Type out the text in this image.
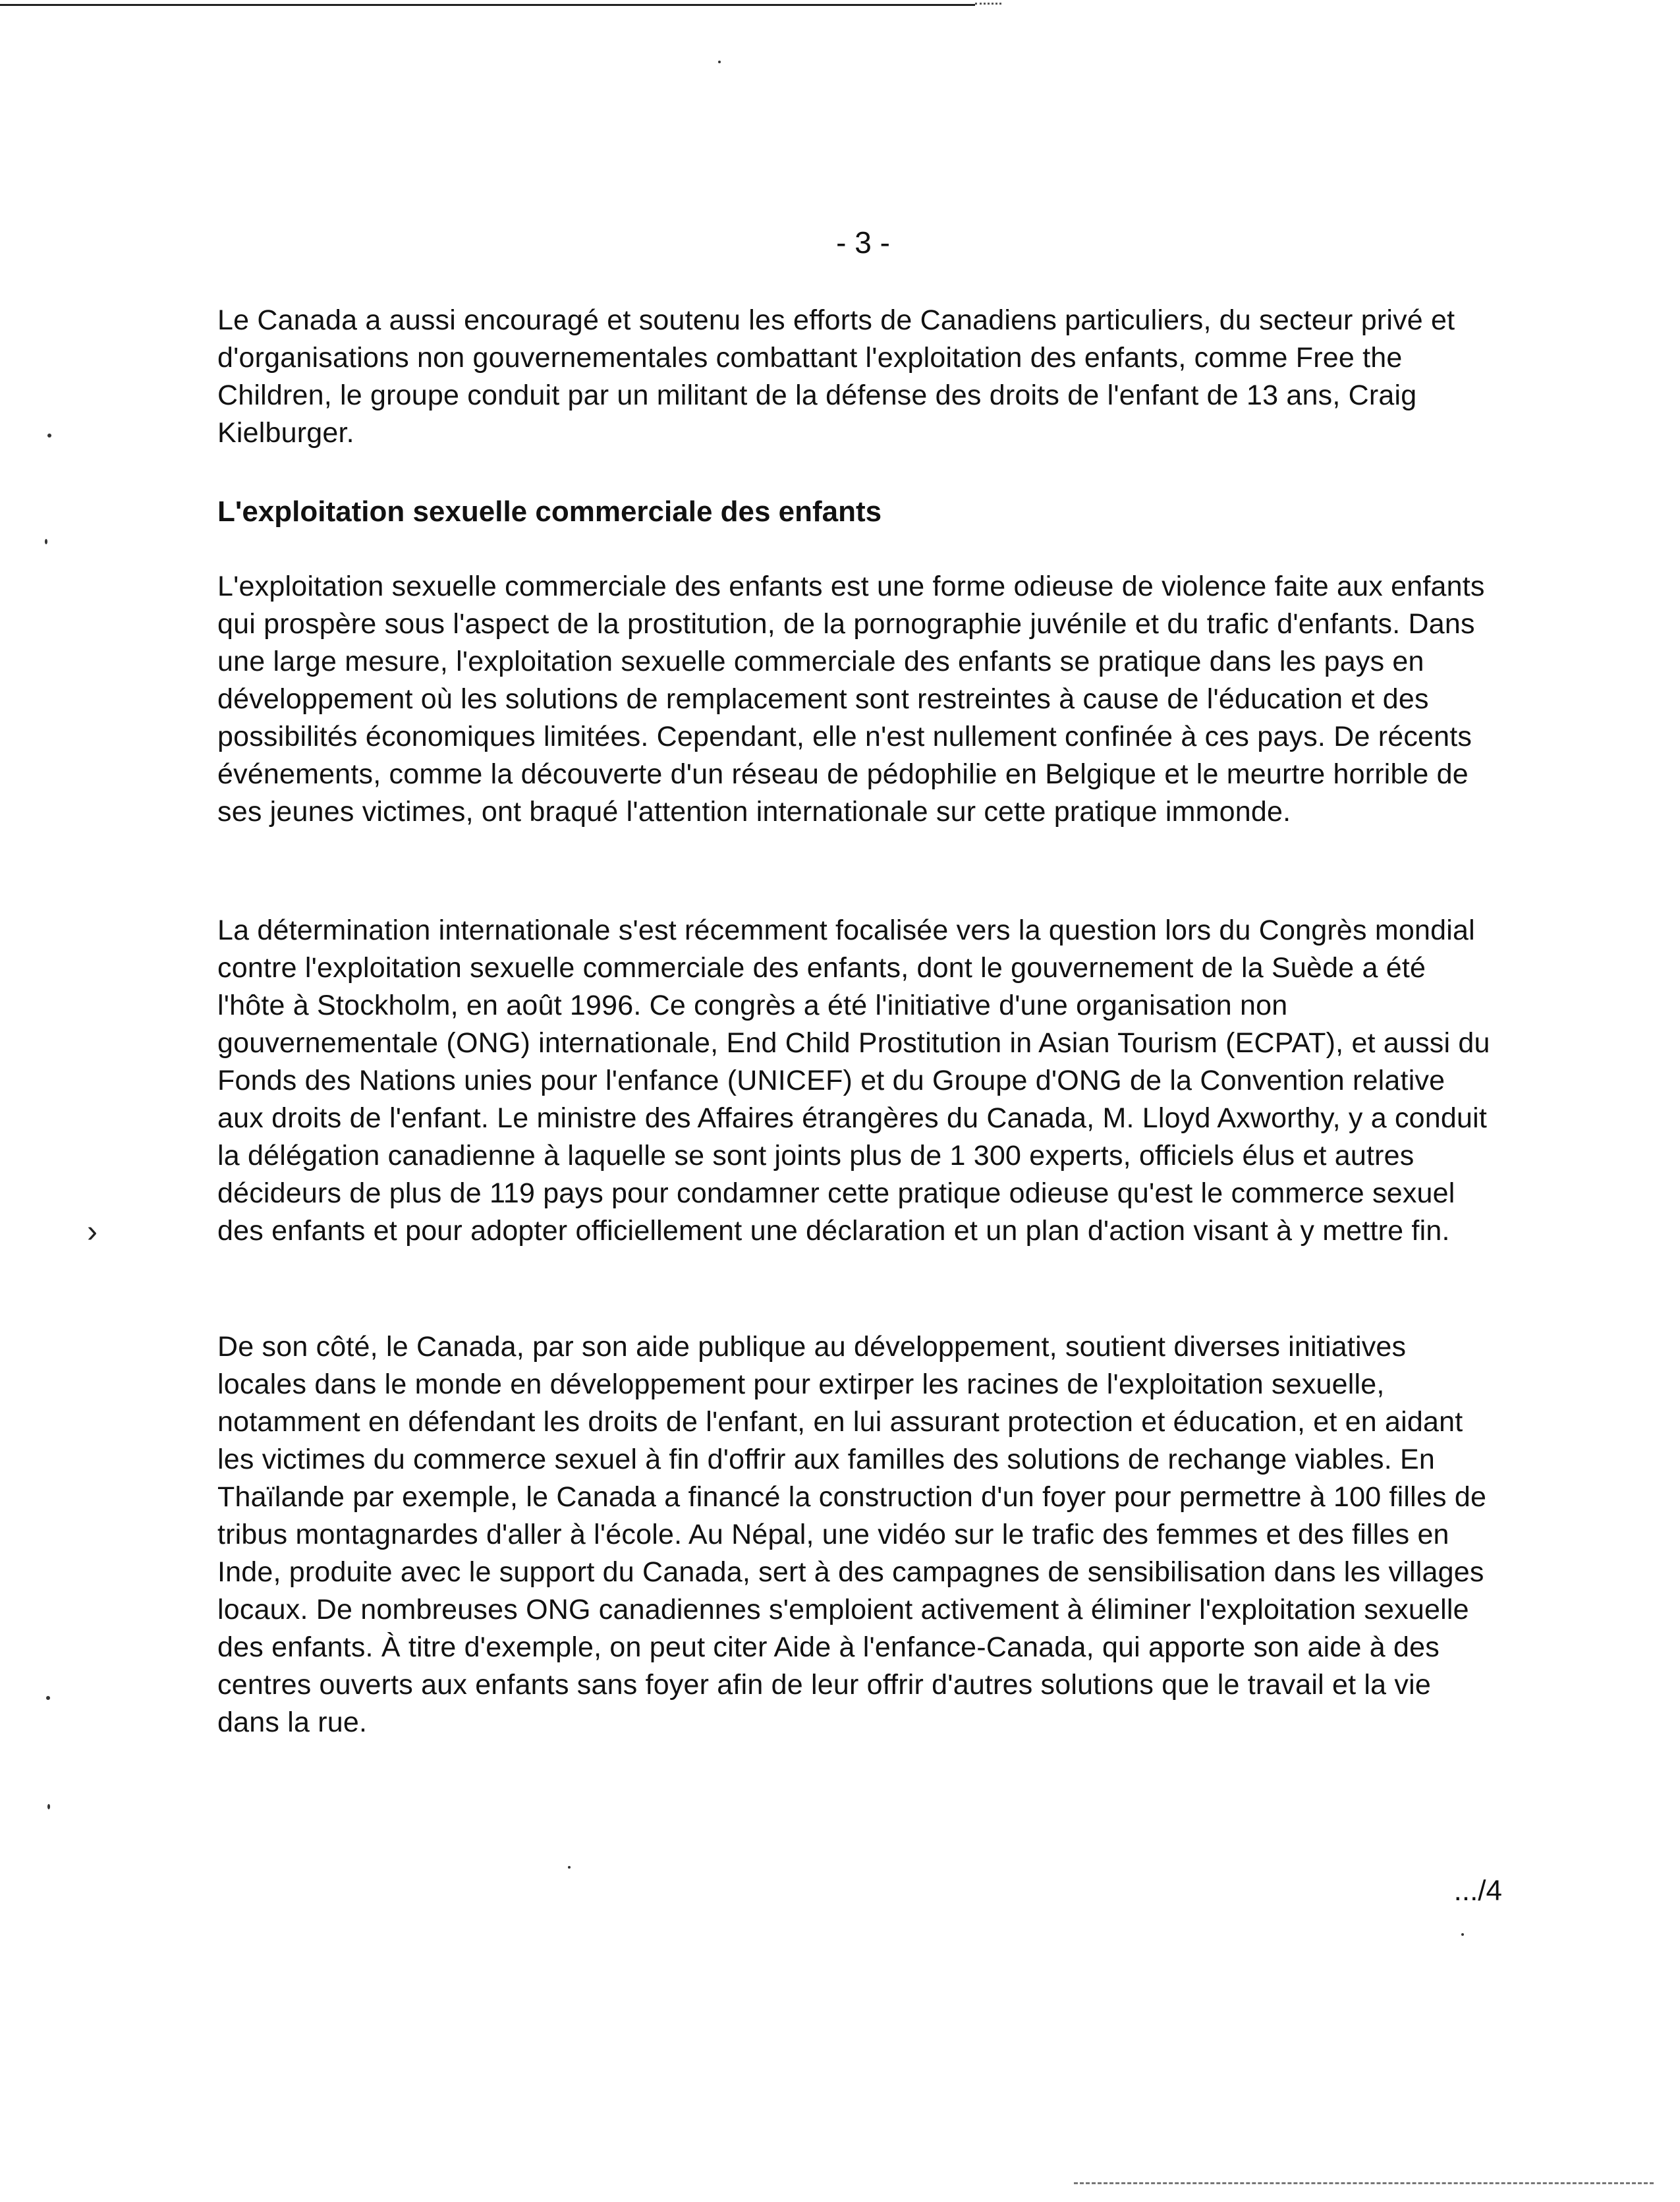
›

- 3 -

Le Canada a aussi encouragé et soutenu les efforts de Canadiens particuliers, du secteur privé et d'organisations non gouvernementales combattant l'exploitation des enfants, comme Free the Children, le groupe conduit par un militant de la défense des droits de l'enfant de 13 ans, Craig Kielburger.

L'exploitation sexuelle commerciale des enfants

L'exploitation sexuelle commerciale des enfants est une forme odieuse de violence faite aux enfants qui prospère sous l'aspect de la prostitution, de la pornographie juvénile et du trafic d'enfants. Dans une large mesure, l'exploitation sexuelle commerciale des enfants se pratique dans les pays en développement où les solutions de remplacement sont restreintes à cause de l'éducation et des possibilités économiques limitées. Cependant, elle n'est nullement confinée à ces pays. De récents événements, comme la découverte d'un réseau de pédophilie en Belgique et le meurtre horrible de ses jeunes victimes, ont braqué l'attention internationale sur cette pratique immonde.

La détermination internationale s'est récemment focalisée vers la question lors du Congrès mondial contre l'exploitation sexuelle commerciale des enfants, dont le gouvernement de la Suède a été l'hôte à Stockholm, en août 1996. Ce congrès a été l'initiative d'une organisation non gouvernementale (ONG) internationale, End Child Prostitution in Asian Tourism (ECPAT), et aussi du Fonds des Nations unies pour l'enfance (UNICEF) et du Groupe d'ONG de la Convention relative aux droits de l'enfant. Le ministre des Affaires étrangères du Canada, M. Lloyd Axworthy, y a conduit la délégation canadienne à laquelle se sont joints plus de 1 300 experts, officiels élus et autres décideurs de plus de 119 pays pour condamner cette pratique odieuse qu'est le commerce sexuel des enfants et pour adopter officiellement une déclaration et un plan d'action visant à y mettre fin.

De son côté, le Canada, par son aide publique au développement, soutient diverses initiatives locales dans le monde en développement pour extirper les racines de l'exploitation sexuelle, notamment en défendant les droits de l'enfant, en lui assurant protection et éducation, et en aidant les victimes du commerce sexuel à fin d'offrir aux familles des solutions de rechange viables. En Thaïlande par exemple, le Canada a financé la construction d'un foyer pour permettre à 100 filles de tribus montagnardes d'aller à l'école. Au Népal, une vidéo sur le trafic des femmes et des filles en Inde, produite avec le support du Canada, sert à des campagnes de sensibilisation dans les villages locaux. De nombreuses ONG canadiennes s'emploient activement à éliminer l'exploitation sexuelle des enfants. À titre d'exemple, on peut citer Aide à l'enfance-Canada, qui apporte son aide à des centres ouverts aux enfants sans foyer afin de leur offrir d'autres solutions que le travail et la vie dans la rue.

.../4
